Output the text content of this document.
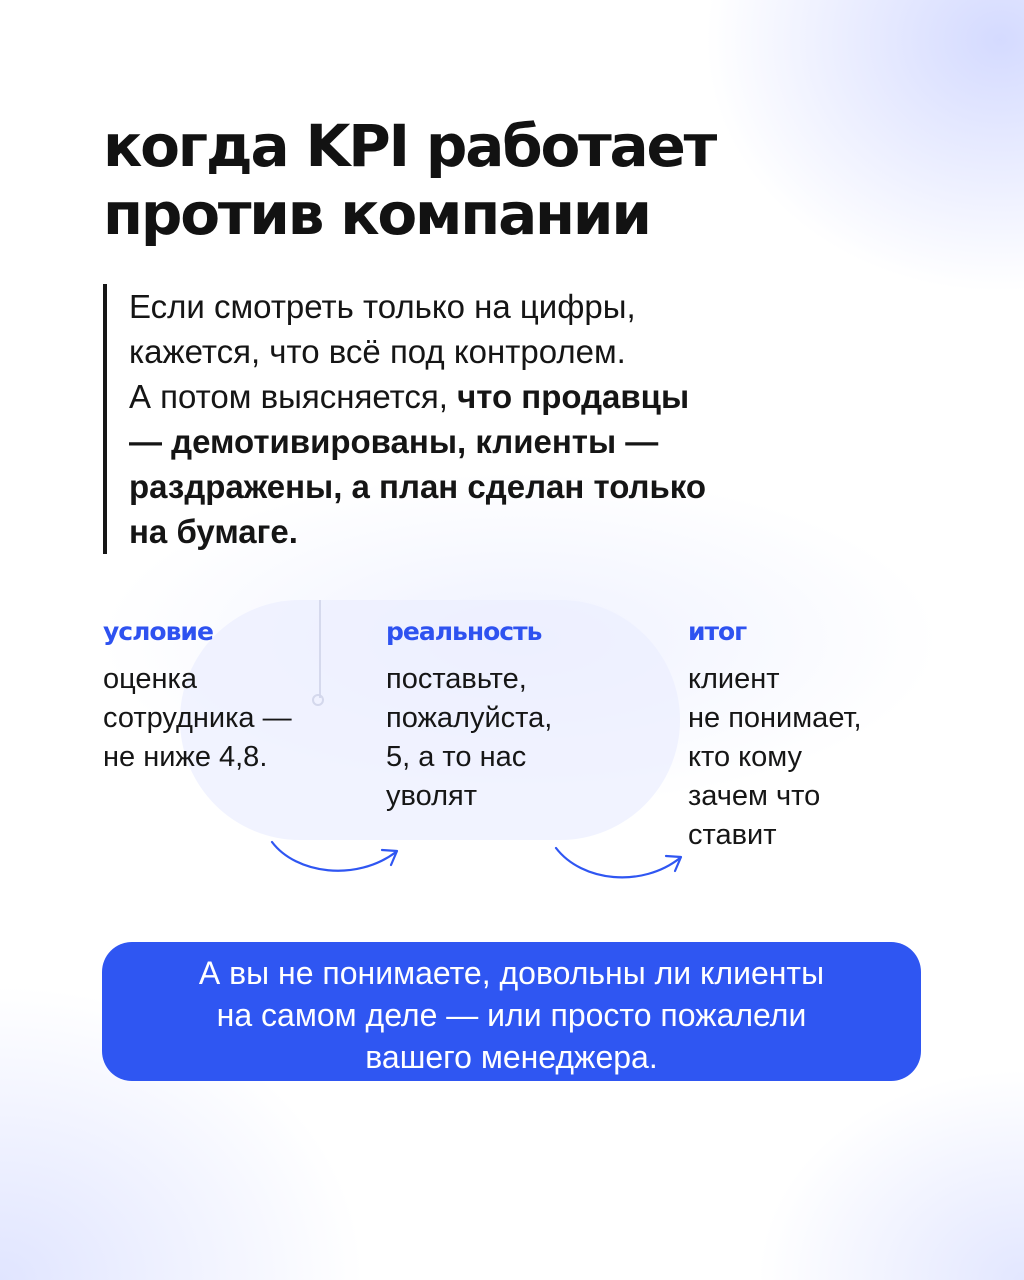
когда KPI работает
против компании
Если смотреть только на цифры,
кажется, что всё под контролем.
А потом выясняется, что продавцы
— демотивированы, клиенты —
раздражены, а план сделан только
на бумаге.
условие
оценка
сотрудника —
не ниже 4,8.
реальность
поставьте,
пожалуйста,
5, а то нас
уволят
итог
клиент
не понимает,
кто кому
зачем что
ставит
А вы не понимаете, довольны ли клиенты
на самом деле — или просто пожалели
вашего менеджера.
